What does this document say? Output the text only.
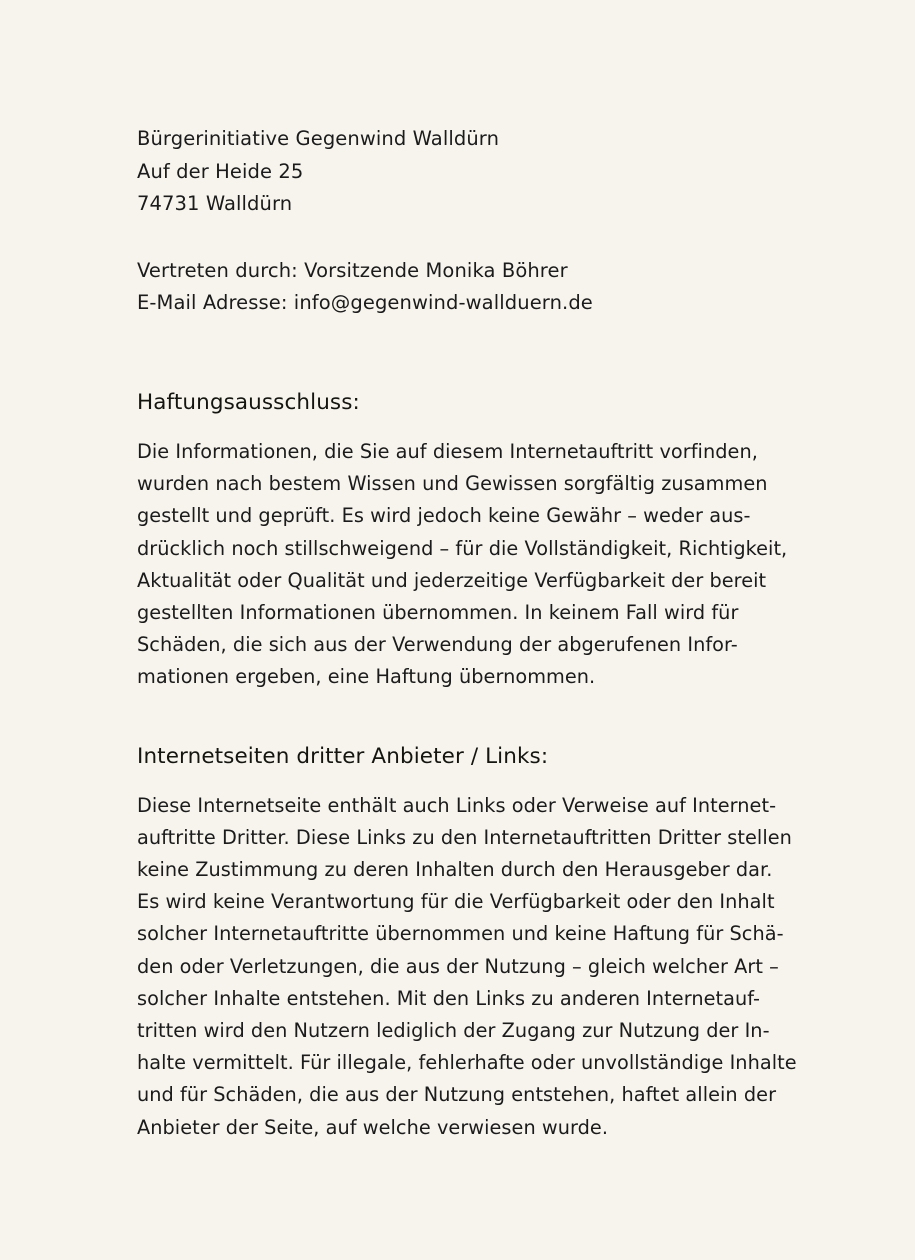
Bürgerinitiative Gegenwind Walldürn
Auf der Heide 25
74731 Walldürn
Vertreten durch: Vorsitzende Monika Böhrer
E-Mail Adresse: info@gegenwind-wallduern.de
Haftungsausschluss:

Die Informationen, die Sie auf diesem Internetauftritt vorfinden,
wurden nach bestem Wissen und Gewissen sorgfältig zusammen
gestellt und geprüft. Es wird jedoch keine Gewähr – weder aus-
drücklich noch stillschweigend – für die Vollständigkeit, Richtigkeit,
Aktualität oder Qualität und jederzeitige Verfügbarkeit der bereit
gestellten Informationen übernommen. In keinem Fall wird für
Schäden, die sich aus der Verwendung der abgerufenen Infor-
mationen ergeben, eine Haftung übernommen.

Internetseiten dritter Anbieter / Links:

Diese Internetseite enthält auch Links oder Verweise auf Internet-
auftritte Dritter. Diese Links zu den Internetauftritten Dritter stellen
keine Zustimmung zu deren Inhalten durch den Herausgeber dar.
Es wird keine Verantwortung für die Verfügbarkeit oder den Inhalt
solcher Internetauftritte übernommen und keine Haftung für Schä-
den oder Verletzungen, die aus der Nutzung – gleich welcher Art –
solcher Inhalte entstehen. Mit den Links zu anderen Internetauf-
tritten wird den Nutzern lediglich der Zugang zur Nutzung der In-
halte vermittelt. Für illegale, fehlerhafte oder unvollständige Inhalte
und für Schäden, die aus der Nutzung entstehen, haftet allein der
Anbieter der Seite, auf welche verwiesen wurde.
